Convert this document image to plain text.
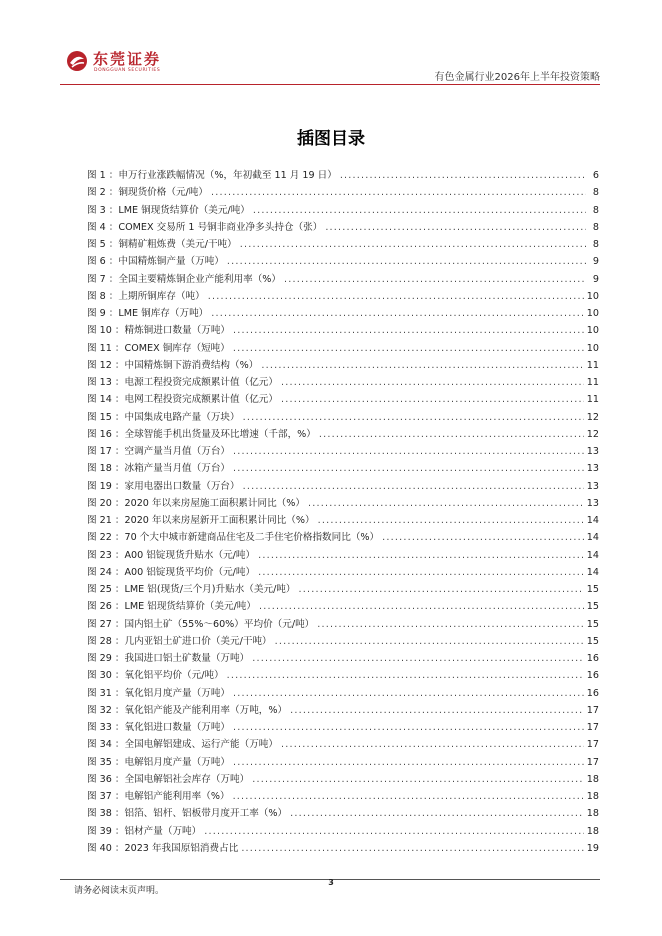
东莞证券
DONGGUAN SECURITIES
有色金属行业2026年上半年投资策略
插图目录
图 1 ：申万行业涨跌幅情况（%，年初截至 11 月 19 日） .....	6
图 2 ：铜现货价格（元/吨） .....	8
图 3 ：LME 铜现货结算价（美元/吨） .....	8
图 4 ：COMEX 交易所 1 号铜非商业净多头持仓（张） .....	8
图 5 ：铜精矿粗炼费（美元/干吨） .....	8
图 6 ：中国精炼铜产量（万吨） .....	9
图 7 ：全国主要精炼铜企业产能利用率（%） .....	9
图 8 ：上期所铜库存（吨） .....	10
图 9 ：LME 铜库存（万吨） .....	10
图 10 ：精炼铜进口数量（万吨） .....	10
图 11 ：COMEX 铜库存（短吨） .....	10
图 12 ：中国精炼铜下游消费结构（%） .....	11
图 13 ：电源工程投资完成额累计值（亿元） .....	11
图 14 ：电网工程投资完成额累计值（亿元） .....	11
图 15 ：中国集成电路产量（万块） .....	12
图 16 ：全球智能手机出货量及环比增速（千部，%） .....	12
图 17 ：空调产量当月值（万台） .....	13
图 18 ：冰箱产量当月值（万台） .....	13
图 19 ：家用电器出口数量（万台） .....	13
图 20 ：2020 年以来房屋施工面积累计同比（%） .....	13
图 21 ：2020 年以来房屋新开工面积累计同比（%） .....	14
图 22 ：70 个大中城市新建商品住宅及二手住宅价格指数同比（%） .....	14
图 23 ：A00 铝锭现货升贴水（元/吨） .....	14
图 24 ：A00 铝锭现货平均价（元/吨） .....	14
图 25 ：LME 铝(现货/三个月)升贴水（美元/吨） .....	15
图 26 ：LME 铝现货结算价（美元/吨） .....	15
图 27 ：国内铝土矿（55%～60%）平均价（元/吨） .....	15
图 28 ：几内亚铝土矿进口价（美元/干吨） .....	15
图 29 ：我国进口铝土矿数量（万吨） .....	16
图 30 ：氧化铝平均价（元/吨） .....	16
图 31 ：氧化铝月度产量（万吨） .....	16
图 32 ：氧化铝产能及产能利用率（万吨，%） .....	17
图 33 ：氧化铝进口数量（万吨） .....	17
图 34 ：全国电解铝建成、运行产能（万吨） .....	17
图 35 ：电解铝月度产量（万吨） .....	17
图 36 ：全国电解铝社会库存（万吨） .....	18
图 37 ：电解铝产能利用率（%） .....	18
图 38 ：铝箔、铝杆、铝板带月度开工率（%） .....	18
图 39 ：铝材产量（万吨） .....	18
图 40 ：2023 年我国原铝消费占比 .....	19
请务必阅读末页声明。
3
